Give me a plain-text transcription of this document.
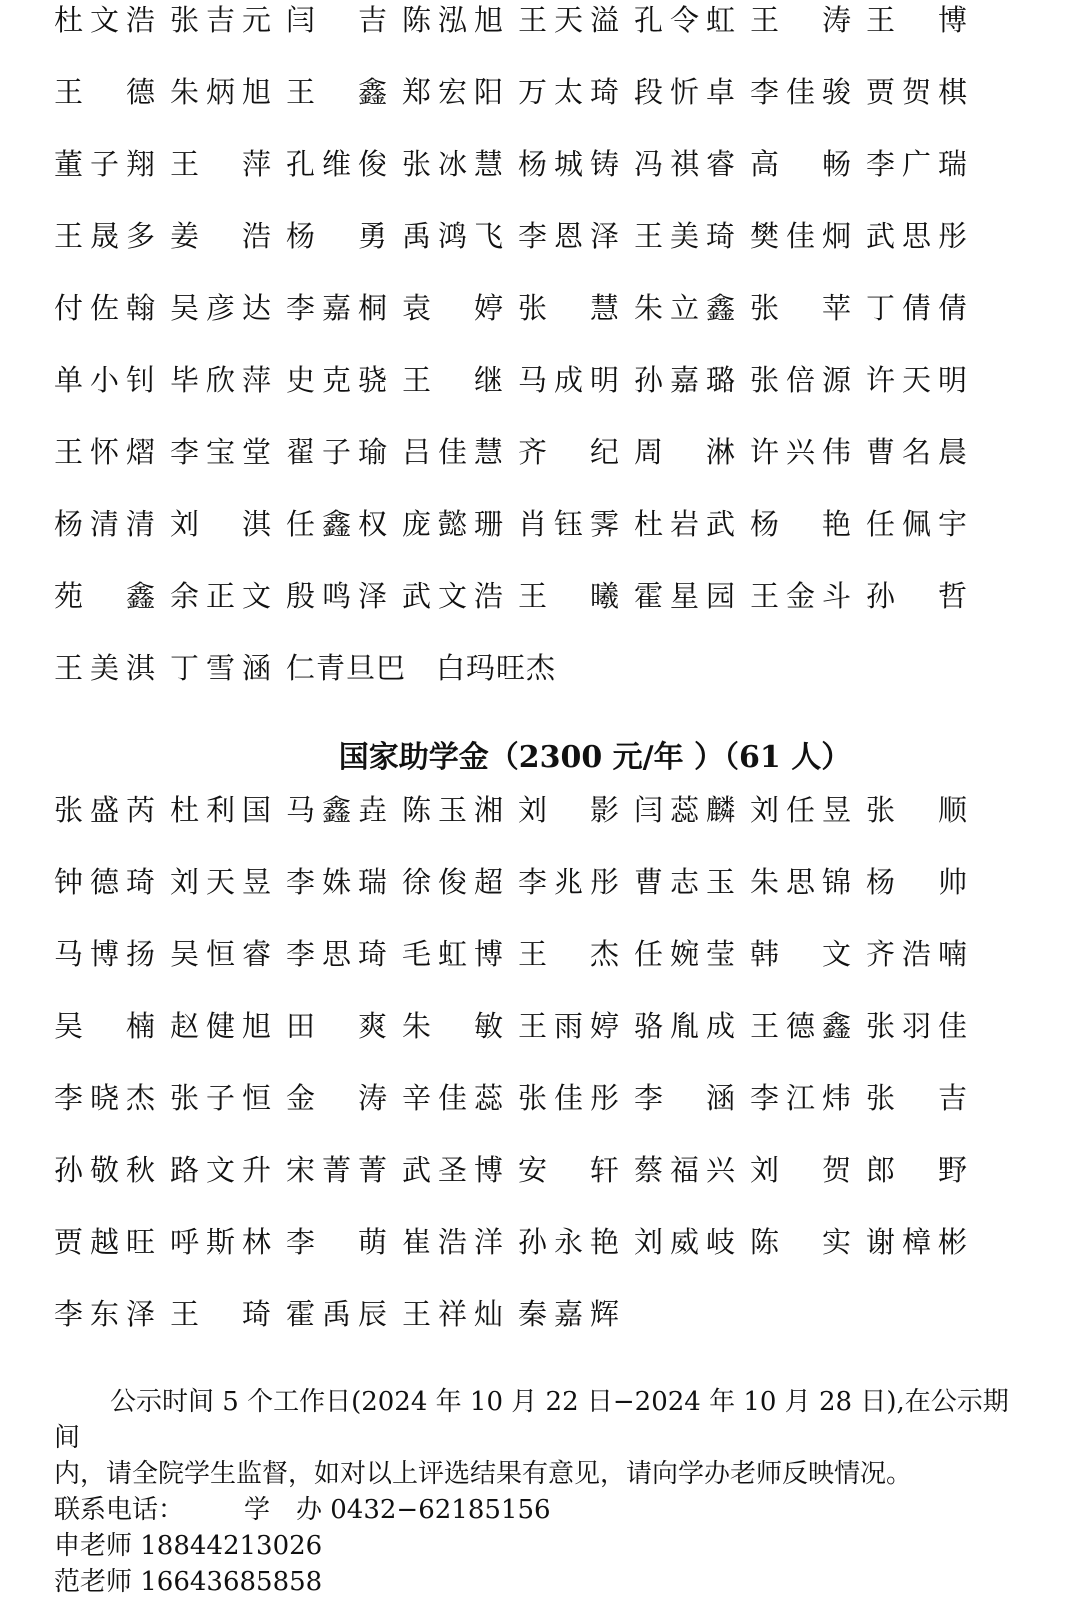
杜文浩 张吉元 闫　吉 陈泓旭 王天溢 孔令虹 王　涛 王　博
王　德 朱炳旭 王　鑫 郑宏阳 万太琦 段忻卓 李佳骏 贾贺棋
董子翔 王　萍 孔维俊 张冰慧 杨城铸 冯祺睿 高　畅 李广瑞
王晟多 姜　浩 杨　勇 禹鸿飞 李恩泽 王美琦 樊佳炯 武思彤
付佐翰 吴彦达 李嘉桐 袁　婷 张　慧 朱立鑫 张　苹 丁倩倩
单小钊 毕欣萍 史克骁 王　继 马成明 孙嘉璐 张倍源 许天明
王怀熠 李宝堂 翟子瑜 吕佳慧 齐　纪 周　淋 许兴伟 曹名晨
杨清清 刘　淇 任鑫权 庞懿珊 肖钰霁 杜岩武 杨　艳 任佩宇
苑　鑫 余正文 殷鸣泽 武文浩 王　曦 霍星园 王金斗 孙　哲
王美淇 丁雪涵 仁青旦巴	白玛旺杰
国家助学金（2300 元/年 ）（61 人）
张盛芮 杜利国 马鑫垚 陈玉湘 刘　影 闫蕊麟 刘任昱 张　顺
钟德琦 刘天昱 李姝瑞 徐俊超 李兆彤 曹志玉 朱思锦 杨　帅
马博扬 吴恒睿 李思琦 毛虹博 王　杰 任婉莹 韩　文 齐浩喃
吴　楠 赵健旭 田　爽 朱　敏 王雨婷 骆胤成 王德鑫 张羽佳
李晓杰 张子恒 金　涛 辛佳蕊 张佳彤 李　涵 李江炜 张　吉
孙敬秋 路文升 宋菁菁 武圣博 安　轩 蔡福兴 刘　贺 郎　野
贾越旺 呼斯林 李　萌 崔浩洋 孙永艳 刘威岐 陈　实 谢樟彬
李东泽 王　琦 霍禹辰 王祥灿 秦嘉辉

公示时间 5 个工作日(2024 年 10 月 22 日−2024 年 10 月 28 日),在公示期间

内，请全院学生监督，如对以上评选结果有意见，请向学办老师反映情况。

联系电话：	学　办 0432−62185156

申老师 18844213026

范老师 16643685858
